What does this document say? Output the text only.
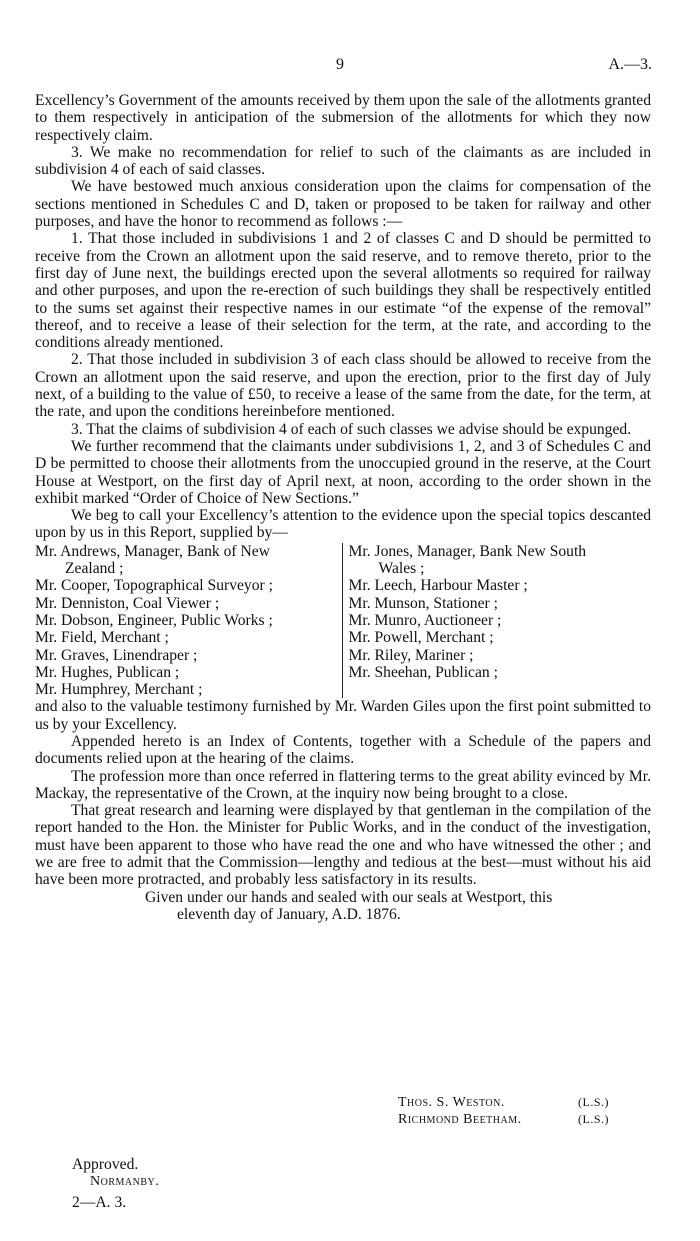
9	A.—3.

Excellency’s Government of the amounts received by them upon the sale of the allotments granted to them respectively in anticipation of the submersion of the allotments for which they now respectively claim.

3. We make no recommendation for relief to such of the claimants as are included in subdivision 4 of each of said classes.

We have bestowed much anxious consideration upon the claims for compensation of the sections mentioned in Schedules C and D, taken or proposed to be taken for railway and other purposes, and have the honor to recommend as follows :—

1. That those included in subdivisions 1 and 2 of classes C and D should be permitted to receive from the Crown an allotment upon the said reserve, and to remove thereto, prior to the first day of June next, the buildings erected upon the several allotments so required for railway and other purposes, and upon the re-erection of such buildings they shall be respectively entitled to the sums set against their respective names in our estimate “of the expense of the removal” thereof, and to receive a lease of their selection for the term, at the rate, and according to the conditions already mentioned.

2. That those included in subdivision 3 of each class should be allowed to receive from the Crown an allotment upon the said reserve, and upon the erection, prior to the first day of July next, of a building to the value of £50, to receive a lease of the same from the date, for the term, at the rate, and upon the conditions hereinbefore mentioned.

3. That the claims of subdivision 4 of each of such classes we advise should be expunged.

We further recommend that the claimants under subdivisions 1, 2, and 3 of Schedules C and D be permitted to choose their allotments from the unoccupied ground in the reserve, at the Court House at Westport, on the first day of April next, at noon, according to the order shown in the exhibit marked “Order of Choice of New Sections.”

We beg to call your Excellency’s attention to the evidence upon the special topics descanted upon by us in this Report, supplied by—

Mr. Andrews, Manager, Bank of New
Zealand ;
Mr. Cooper, Topographical Surveyor ;
Mr. Denniston, Coal Viewer ;
Mr. Dobson, Engineer, Public Works ;
Mr. Field, Merchant ;
Mr. Graves, Linendraper ;
Mr. Hughes, Publican ;
Mr. Humphrey, Merchant ;
Mr. Jones, Manager, Bank New South
Wales ;
Mr. Leech, Harbour Master ;
Mr. Munson, Stationer ;
Mr. Munro, Auctioneer ;
Mr. Powell, Merchant ;
Mr. Riley, Mariner ;
Mr. Sheehan, Publican ;

and also to the valuable testimony furnished by Mr. Warden Giles upon the first point submitted to us by your Excellency.

Appended hereto is an Index of Contents, together with a Schedule of the papers and documents relied upon at the hearing of the claims.

The profession more than once referred in flattering terms to the great ability evinced by Mr. Mackay, the representative of the Crown, at the inquiry now being brought to a close.

That great research and learning were displayed by that gentleman in the compilation of the report handed to the Hon. the Minister for Public Works, and in the conduct of the investigation, must have been apparent to those who have read the one and who have witnessed the other ; and we are free to admit that the Commission—lengthy and tedious at the best—must without his aid have been more protracted, and probably less satisfactory in its results.

Given under our hands and sealed with our seals at Westport, this
eleventh day of January, A.D. 1876.
Thos. S. Weston.	(L.S.)
Richmond Beetham.	(L.S.)
Approved.
Normanby.
2—A. 3.
